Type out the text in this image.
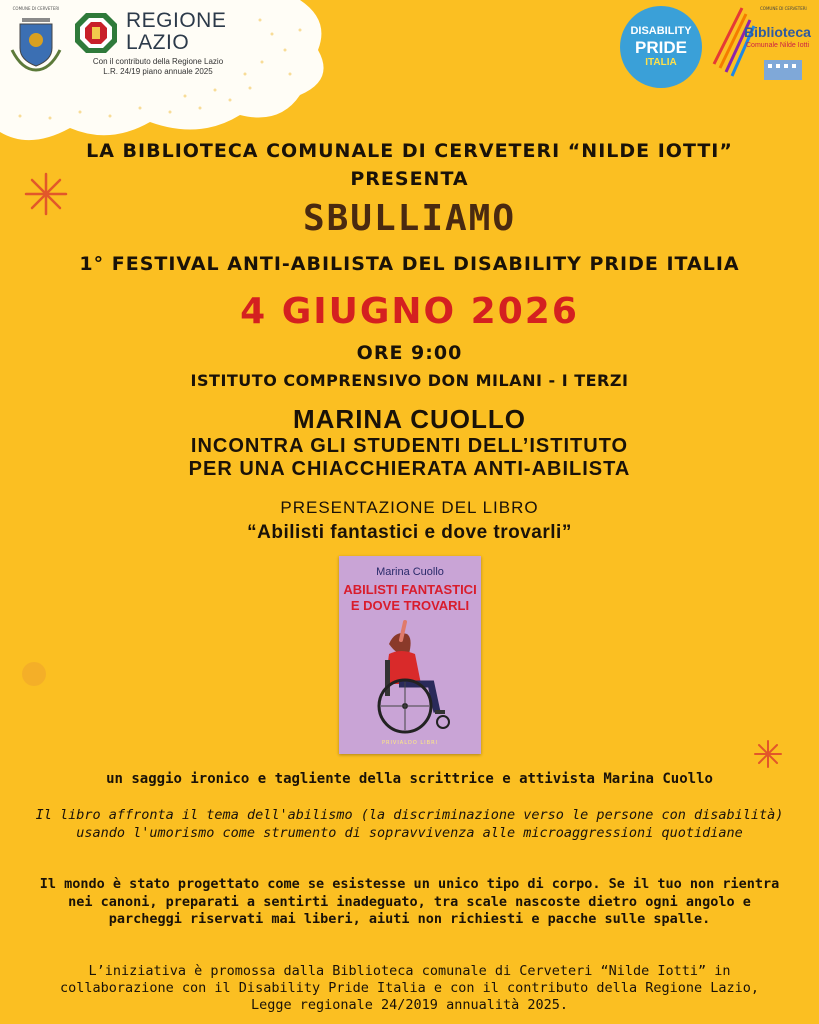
COMUNE DI CERVETERI
REGIONE
LAZIO
Con il contributo della Regione Lazio
L.R. 24/19 piano annuale 2025
DISABILITY
PRIDE
ITALIA
COMUNE DI CERVETERI
Biblioteca
Comunale Nilde Iotti
LA BIBLIOTECA COMUNALE DI CERVETERI “NILDE IOTTI”
PRESENTA
SBULLIAMO
1° FESTIVAL ANTI-ABILISTA DEL DISABILITY PRIDE ITALIA
4 GIUGNO 2026
ORE 9:00
ISTITUTO COMPRENSIVO DON MILANI - I TERZI
MARINA CUOLLO
INCONTRA GLI STUDENTI DELL’ISTITUTO
PER UNA CHIACCHIERATA ANTI-ABILISTA
PRESENTAZIONE DEL LIBRO
“Abilisti fantastici e dove trovarli”
Marina Cuollo
ABILISTI FANTASTICI
E DOVE TROVARLI
PRIVIALDO LIBRI
un saggio ironico e tagliente della scrittrice e attivista Marina Cuollo
Il libro affronta il tema dell'abilismo (la discriminazione verso le persone con disabilità) usando l'umorismo come strumento di sopravvivenza alle microaggressioni quotidiane
Il mondo è stato progettato come se esistesse un unico tipo di corpo. Se il tuo non rientra nei canoni, preparati a sentirti inadeguato, tra scale nascoste dietro ogni angolo e parcheggi riservati mai liberi, aiuti non richiesti e pacche sulle spalle.
L’iniziativa è promossa dalla Biblioteca comunale di Cerveteri “Nilde Iotti” in collaborazione con il Disability Pride Italia e con il contributo della Regione Lazio, Legge regionale 24/2019 annualità 2025.
